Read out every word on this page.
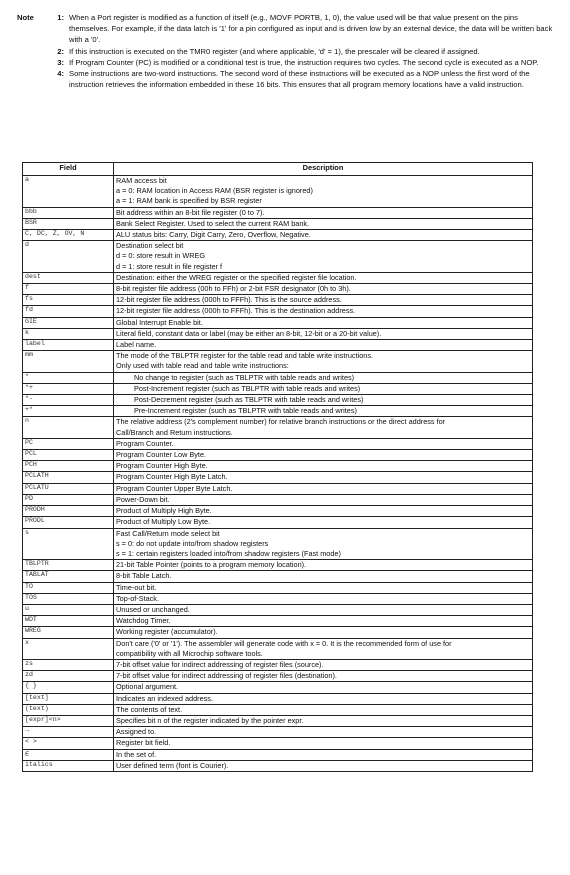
Note	1: When a Port register is modified as a function of itself (e.g., MOVF PORTB, 1, 0), the value used will be that value present on the pins themselves. For example, if the data latch is '1' for a pin configured as input and is driven low by an external device, the data will be written back with a '0'.
2: If this instruction is executed on the TMR0 register (and where applicable, 'd' = 1), the prescaler will be cleared if assigned.
3: If Program Counter (PC) is modified or a conditional test is true, the instruction requires two cycles. The second cycle is executed as a NOP.
4: Some instructions are two-word instructions. The second word of these instructions will be executed as a NOP unless the first word of the instruction retrieves the information embedded in these 16 bits. This ensures that all program memory locations have a valid instruction.
Field	Description
a	RAM access bit
a = 0: RAM location in Access RAM (BSR register is ignored)
a = 1: RAM bank is specified by BSR register

bbb	Bit address within an 8-bit file register (0 to 7).

BSR	Bank Select Register. Used to select the current RAM bank.

C, DC, Z, OV, N	ALU status bits: Carry, Digit Carry, Zero, Overflow, Negative.

d	Destination select bit
d = 0: store result in WREG
d = 1: store result in file register f

dest	Destination: either the WREG register or the specified register file location.

f	8-bit register file address (00h to FFh) or 2-bit FSR designator (0h to 3h).

fs	12-bit register file address (000h to FFFh). This is the source address.

fd	12-bit register file address (000h to FFFh). This is the destination address.

GIE	Global Interrupt Enable bit.

k	Literal field, constant data or label (may be either an 8-bit, 12-bit or a 20-bit value).

label	Label name.

mm	The mode of the TBLPTR register for the table read and table write instructions.
Only used with table read and table write instructions:

*	No change to register (such as TBLPTR with table reads and writes)

*+	Post-Increment register (such as TBLPTR with table reads and writes)

*-	Post-Decrement register (such as TBLPTR with table reads and writes)

+*	Pre-Increment register (such as TBLPTR with table reads and writes)

n	The relative address (2's complement number) for relative branch instructions or the direct address for
Call/Branch and Return instructions.

PC	Program Counter.

PCL	Program Counter Low Byte.

PCH	Program Counter High Byte.

PCLATH	Program Counter High Byte Latch.

PCLATU	Program Counter Upper Byte Latch.

PD	Power-Down bit.

PRODH	Product of Multiply High Byte.

PRODL	Product of Multiply Low Byte.

s	Fast Call/Return mode select bit
s = 0: do not update into/from shadow registers
s = 1: certain registers loaded into/from shadow registers (Fast mode)

TBLPTR	21-bit Table Pointer (points to a program memory location).

TABLAT	8-bit Table Latch.

TO	Time-out bit.

TOS	Top-of-Stack.

u	Unused or unchanged.

WDT	Watchdog Timer.

WREG	Working register (accumulator).

x	Don't care ('0' or '1'). The assembler will generate code with x = 0. It is the recommended form of use for
compatibility with all Microchip software tools.

zs	7-bit offset value for indirect addressing of register files (source).

zd	7-bit offset value for indirect addressing of register files (destination).

{ }	Optional argument.

[text]	Indicates an indexed address.

(text)	The contents of text.

[expr]<n>	Specifies bit n of the register indicated by the pointer expr.

→	Assigned to.

< >	Register bit field.

∈	In the set of.

italics	User defined term (font is Courier).
